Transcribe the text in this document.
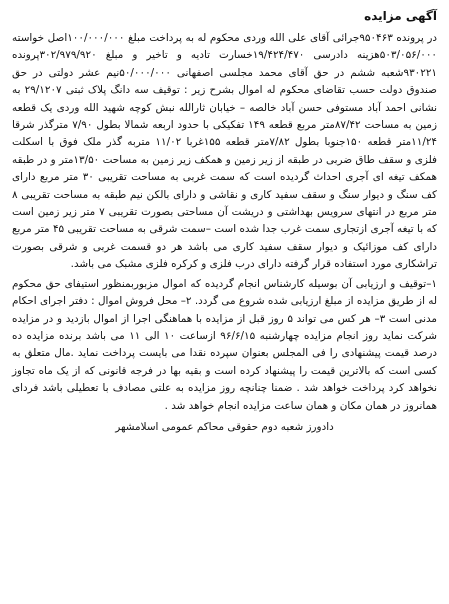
آگهی مزایده

در پرونده ۹۵۰۴۶۳جرائی آقای علی الله وردی محکوم له به پرداخت مبلغ ۱۰۰/۰۰۰/۰۰۰اصل خواسته ۵۰۳/۰۵۶/۰۰۰هزینه دادرسی ۱۹/۴۲۴/۴۷۰خسارت تادیه و تاخیر و مبلغ ۳۰۲/۹۷۹/۹۲۰پرونده ۹۳۰۲۲۱شعبه ششم در حق آقای محمد مجلسی اصفهانی ۵۰/۰۰۰/۰۰۰نیم عشر دولتی در حق صندوق دولت حسب تقاضای محکوم له اموال بشرح زیر : توقیف سه دانگ پلاک ثبتی ۲۹/۱۲۰۷ به نشانی احمد آباد مستوفی حسن آباد خالصه – خیابان ثارالله نبش کوچه شهید الله وردی یک قطعه زمین به مساحت ۸۷/۴۲متر مربع قطعه ۱۴۹ تفکیکی با حدود اربعه شمالا بطول ۷/۹۰ مترگذر شرقا ۱۱/۲۴متر قطعه ۱۵۰جنوبا بطول ۷/۸۲متر قطعه ۱۵۵غربا ۱۱/۰۲ متربه گذر ملک فوق با اسکلت فلزی و سقف طاق ضربی در طبقه از زیر زمین و همکف زیر زمین به مساحت ۱۳/۵۰متر و در طبقه همکف تیغه ای آجری احداث گردیده است که سمت غربی به مساحت تقریبی ۳۰ متر مربع دارای کف سنگ و دیوار سنگ و سقف سفید کاری و نقاشی و دارای بالکن نیم طبقه به مساحت تقریبی ۸ متر مربع در انتهای سرویس بهداشتی و دریشت آن مساحتی بصورت تقریبی ۷ متر زیر زمین است که با تیغه آجری ازتجاری سمت غرب جدا شده است –سمت شرقی به مساحت تقریبی ۴۵ متر مربع دارای کف موزائیک و دیوار سقف سفید کاری می باشد هر دو قسمت غربی و شرقی بصورت تراشکاری مورد استفاده قرار گرفته دارای درب فلزی و کرکره فلزی مشبک می باشد.

۱–توقیف و ارزیابی آن بوسیله کارشناس انجام گردیده که اموال مزبوربمنظور استیفای حق محکوم له از طریق مزایده از مبلغ ارزیابی شده شروع می گردد. ۲– محل فروش اموال : دفتر اجرای احکام مدنی است ۳– هر کس می تواند ۵ روز قبل از مزایده با هماهنگی اجرا از اموال بازدید و در مزایده شرکت نماید روز انجام مزایده چهارشنبه ۹۶/۶/۱۵ ازساعت ۱۰ الی ۱۱ می باشد برنده مزایده ده درصد قیمت پیشنهادی را فی المجلس بعنوان سپرده نقدا می بایست پرداخت نماید .مال متعلق به کسی است که بالاترین قیمت را پیشنهاد کرده است و بقیه بها در فرجه قانونی که از یک ماه تجاوز نخواهد کرد پرداخت خواهد شد . ضمنا چنانچه روز مزایده به علتی مصادف با تعطیلی باشد فردای همانروز در همان مکان و همان ساعت مزایده انجام خواهد شد .

دادورز شعبه دوم حقوقی محاکم عمومی اسلامشهر
